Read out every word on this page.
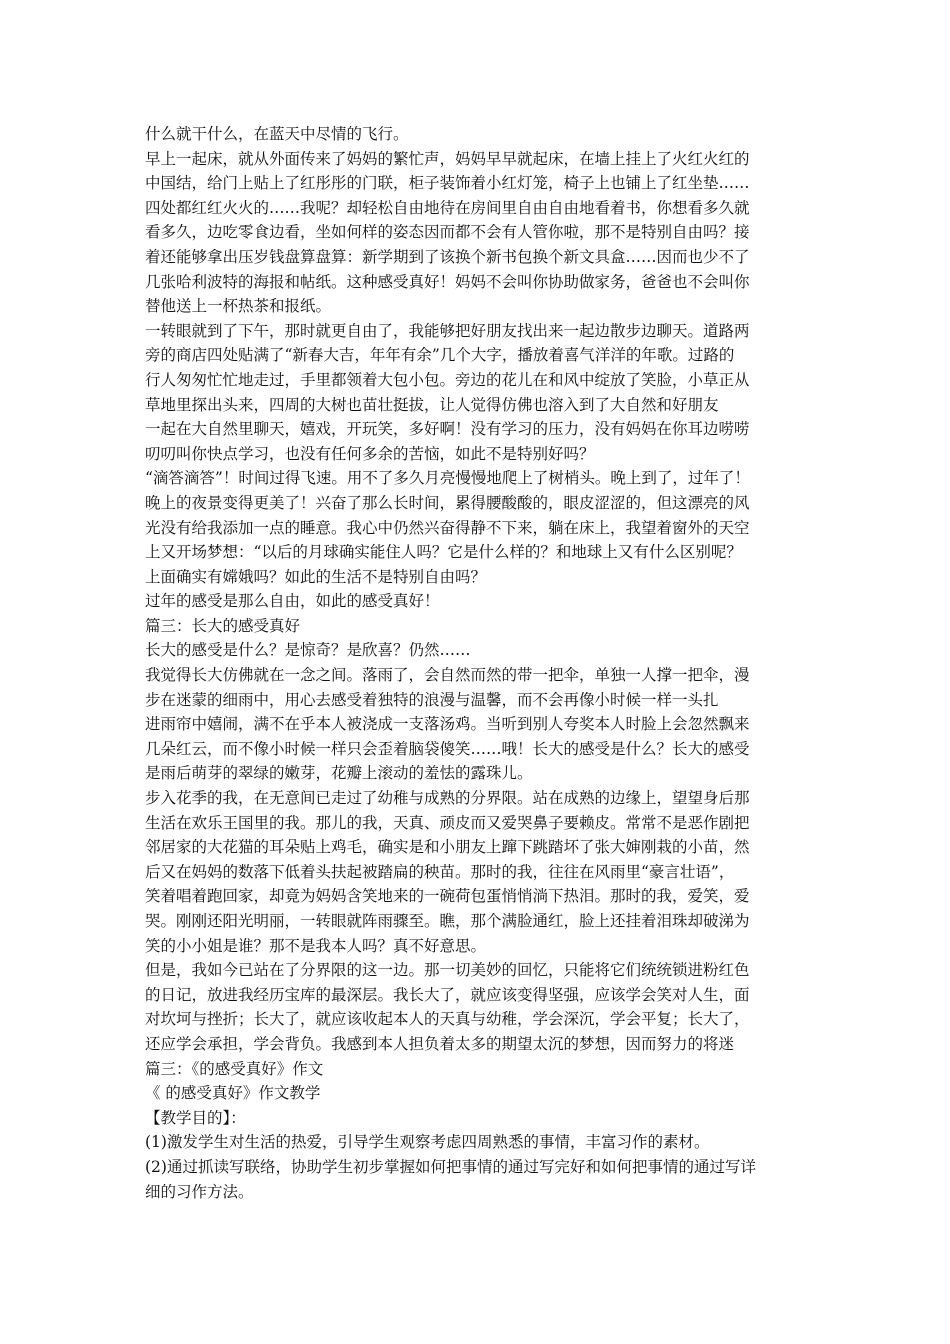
什么就干什么，在蓝天中尽情的飞行。
早上一起床，就从外面传来了妈妈的繁忙声，妈妈早早就起床，在墙上挂上了火红火红的
中国结，给门上贴上了红彤彤的门联，柜子装饰着小红灯笼，椅子上也铺上了红坐垫……
四处都红红火火的……我呢？却轻松自由地待在房间里自由自由地看着书，你想看多久就
看多久，边吃零食边看，坐如何样的姿态因而都不会有人管你啦，那不是特别自由吗？接
着还能够拿出压岁钱盘算盘算：新学期到了该换个新书包换个新文具盒……因而也少不了
几张哈利波特的海报和帖纸。这种感受真好！妈妈不会叫你协助做家务，爸爸也不会叫你
替他送上一杯热茶和报纸。
一转眼就到了下午，那时就更自由了，我能够把好朋友找出来一起边散步边聊天。道路两
旁的商店四处贴满了“新春大吉，年年有余”几个大字，播放着喜气洋洋的年歌。过路的
行人匆匆忙忙地走过，手里都领着大包小包。旁边的花儿在和风中绽放了笑脸，小草正从
草地里探出头来，四周的大树也苗壮挺拔，让人觉得仿佛也溶入到了大自然和好朋友
一起在大自然里聊天，嬉戏，开玩笑，多好啊！没有学习的压力，没有妈妈在你耳边唠唠
叨叨叫你快点学习，也没有任何多余的苦恼，如此不是特别好吗？
“滴答滴答”！时间过得飞速。用不了多久月亮慢慢地爬上了树梢头。晚上到了，过年了！
晚上的夜景变得更美了！兴奋了那么长时间，累得腰酸酸的，眼皮涩涩的，但这漂亮的风
光没有给我添加一点的睡意。我心中仍然兴奋得静不下来，躺在床上，我望着窗外的天空
上又开场梦想：“以后的月球确实能住人吗？它是什么样的？和地球上又有什么区别呢？
上面确实有嫦娥吗？如此的生活不是特别自由吗？
过年的感受是那么自由，如此的感受真好！
篇三：长大的感受真好
长大的感受是什么？是惊奇？是欣喜？仍然……
我觉得长大仿佛就在一念之间。落雨了，会自然而然的带一把伞，单独一人撑一把伞，漫
步在迷蒙的细雨中，用心去感受着独特的浪漫与温馨，而不会再像小时候一样一头扎
进雨帘中嬉闹，满不在乎本人被浇成一支落汤鸡。当听到别人夸奖本人时脸上会忽然飘来
几朵红云，而不像小时候一样只会歪着脑袋傻笑……哦！长大的感受是什么？长大的感受
是雨后萌芽的翠绿的嫩芽，花瓣上滚动的羞怯的露珠儿。
步入花季的我，在无意间已走过了幼稚与成熟的分界限。站在成熟的边缘上，望望身后那
生活在欢乐王国里的我。那儿的我，天真、顽皮而又爱哭鼻子要赖皮。常常不是恶作剧把
邻居家的大花猫的耳朵贴上鸡毛，确实是和小朋友上蹿下跳踏坏了张大婶刚栽的小苗，然
后又在妈妈的数落下低着头扶起被踏扁的秧苗。那时的我，往往在风雨里“豪言壮语”，
笑着唱着跑回家，却竟为妈妈含笑地来的一碗荷包蛋悄悄淌下热泪。那时的我，爱笑，爱
哭。刚刚还阳光明丽，一转眼就阵雨骤至。瞧，那个满脸通红，脸上还挂着泪珠却破涕为
笑的小小姐是谁？那不是我本人吗？真不好意思。
但是，我如今已站在了分界限的这一边。那一切美妙的回忆，只能将它们统统锁进粉红色
的日记，放进我经历宝库的最深层。我长大了，就应该变得坚强，应该学会笑对人生，面
对坎坷与挫折；长大了，就应该收起本人的天真与幼稚，学会深沉，学会平复；长大了，
还应学会承担，学会背负。我感到本人担负着太多的期望太沉的梦想，因而努力的将迷
篇三：《的感受真好》作文
《 的感受真好》作文教学
【教学目的】：
(1)激发学生对生活的热爱，引导学生观察考虑四周熟悉的事情，丰富习作的素材。
(2)通过抓读写联络，协助学生初步掌握如何把事情的通过写完好和如何把事情的通过写详
细的习作方法。
